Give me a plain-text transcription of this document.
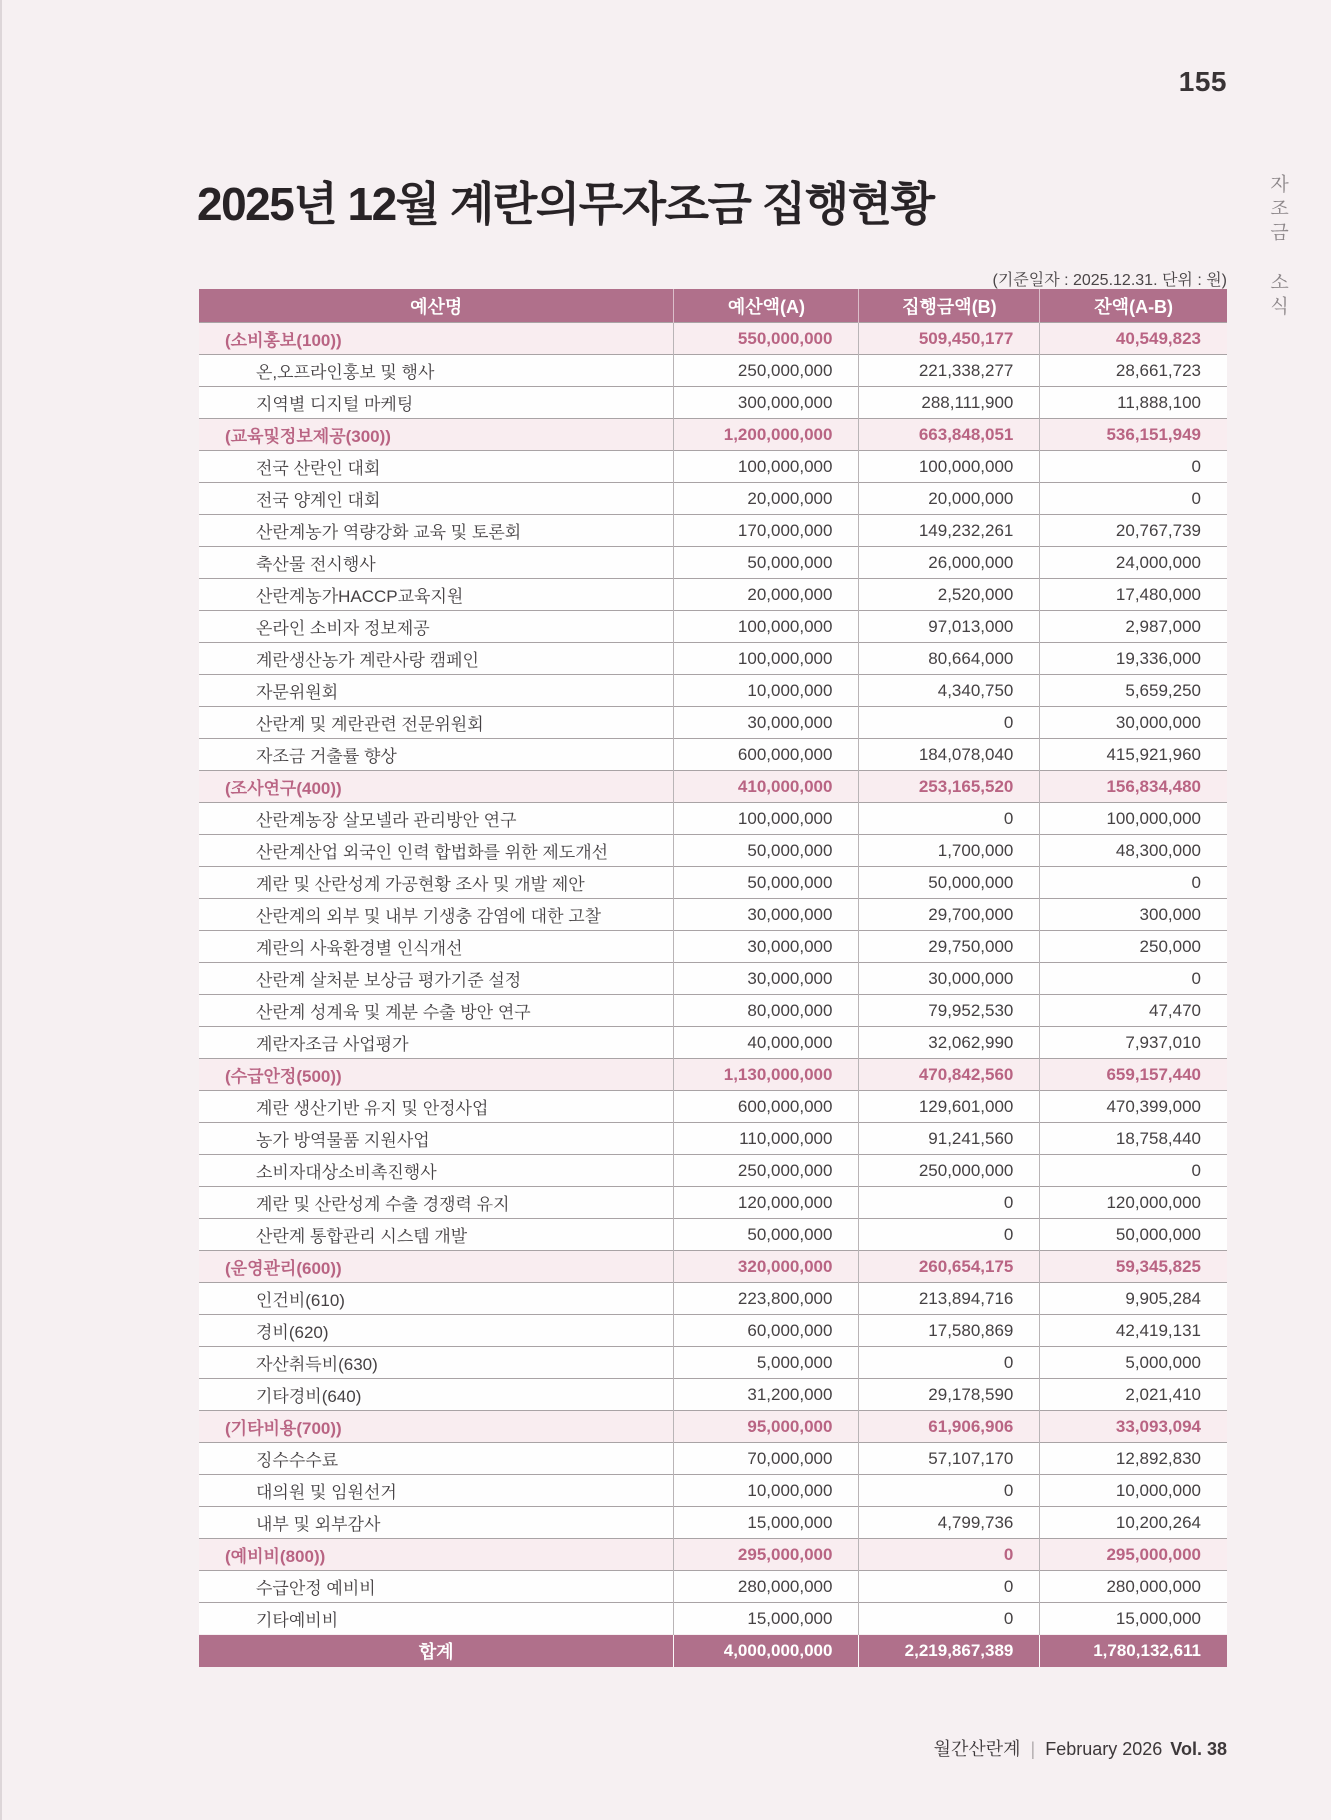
155
자조금 소식
2025년 12월 계란의무자조금 집행현황
(기준일자 : 2025.12.31. 단위 : 원)
예산명	예산액(A)	집행금액(B)	잔액(A-B)
(소비홍보(100))	550,000,000	509,450,177	40,549,823
온,오프라인홍보 및 행사	250,000,000	221,338,277	28,661,723
지역별 디지털 마케팅	300,000,000	288,111,900	11,888,100
(교육및정보제공(300))	1,200,000,000	663,848,051	536,151,949
전국 산란인 대회	100,000,000	100,000,000	0
전국 양계인 대회	20,000,000	20,000,000	0
산란계농가 역량강화 교육 및 토론회	170,000,000	149,232,261	20,767,739
축산물 전시행사	50,000,000	26,000,000	24,000,000
산란계농가HACCP교육지원	20,000,000	2,520,000	17,480,000
온라인 소비자 정보제공	100,000,000	97,013,000	2,987,000
계란생산농가 계란사랑 캠페인	100,000,000	80,664,000	19,336,000
자문위원회	10,000,000	4,340,750	5,659,250
산란계 및 계란관련 전문위원회	30,000,000	0	30,000,000
자조금 거출률 향상	600,000,000	184,078,040	415,921,960
(조사연구(400))	410,000,000	253,165,520	156,834,480
산란계농장 살모넬라 관리방안 연구	100,000,000	0	100,000,000
산란계산업 외국인 인력 합법화를 위한 제도개선	50,000,000	1,700,000	48,300,000
계란 및 산란성계 가공현황 조사 및 개발 제안	50,000,000	50,000,000	0
산란계의 외부 및 내부 기생충 감염에 대한 고찰	30,000,000	29,700,000	300,000
계란의 사육환경별 인식개선	30,000,000	29,750,000	250,000
산란계 살처분 보상금 평가기준 설정	30,000,000	30,000,000	0
산란계 성계육 및 계분 수출 방안 연구	80,000,000	79,952,530	47,470
계란자조금 사업평가	40,000,000	32,062,990	7,937,010
(수급안정(500))	1,130,000,000	470,842,560	659,157,440
계란 생산기반 유지 및 안정사업	600,000,000	129,601,000	470,399,000
농가 방역물품 지원사업	110,000,000	91,241,560	18,758,440
소비자대상소비촉진행사	250,000,000	250,000,000	0
계란 및 산란성계 수출 경쟁력 유지	120,000,000	0	120,000,000
산란계 통합관리 시스템 개발	50,000,000	0	50,000,000
(운영관리(600))	320,000,000	260,654,175	59,345,825
인건비(610)	223,800,000	213,894,716	9,905,284
경비(620)	60,000,000	17,580,869	42,419,131
자산취득비(630)	5,000,000	0	5,000,000
기타경비(640)	31,200,000	29,178,590	2,021,410
(기타비용(700))	95,000,000	61,906,906	33,093,094
징수수수료	70,000,000	57,107,170	12,892,830
대의원 및 임원선거	10,000,000	0	10,000,000
내부 및 외부감사	15,000,000	4,799,736	10,200,264
(예비비(800))	295,000,000	0	295,000,000
수급안정 예비비	280,000,000	0	280,000,000
기타예비비	15,000,000	0	15,000,000
합계	4,000,000,000	2,219,867,389	1,780,132,611
월간산란계 | February 2026 Vol. 38
